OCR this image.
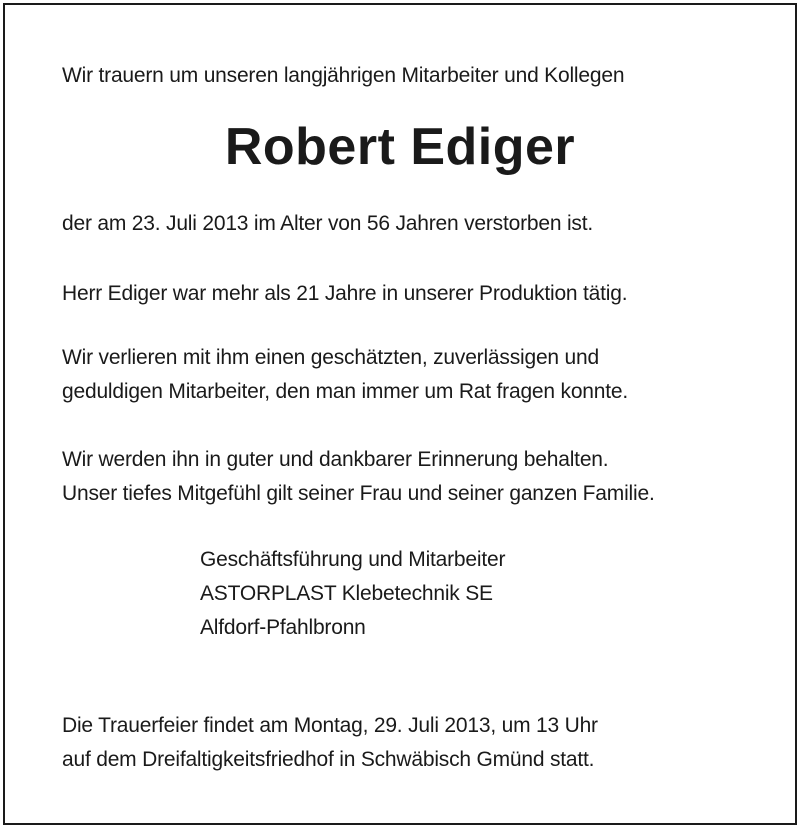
Wir trauern um unseren langjährigen Mitarbeiter und Kollegen

Robert Ediger

der am 23. Juli 2013 im Alter von 56 Jahren verstorben ist.

Herr Ediger war mehr als 21 Jahre in unserer Produktion tätig.

Wir verlieren mit ihm einen geschätzten, zuverlässigen und

geduldigen Mitarbeiter, den man immer um Rat fragen konnte.

Wir werden ihn in guter und dankbarer Erinnerung behalten.

Unser tiefes Mitgefühl gilt seiner Frau und seiner ganzen Familie.

Geschäftsführung und Mitarbeiter

ASTORPLAST Klebetechnik SE

Alfdorf-Pfahlbronn

Die Trauerfeier findet am Montag, 29. Juli 2013, um 13 Uhr

auf dem Dreifaltigkeitsfriedhof in Schwäbisch Gmünd statt.
